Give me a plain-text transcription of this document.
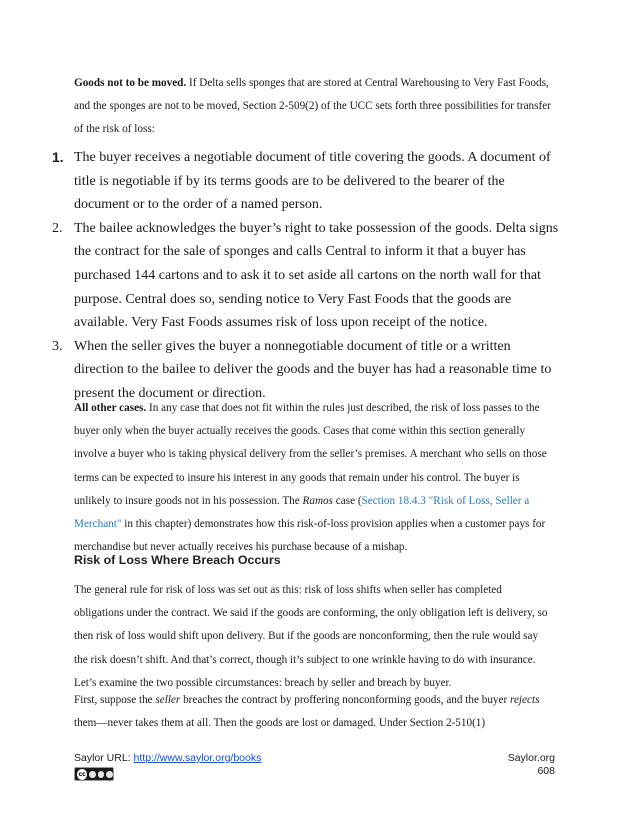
Goods not to be moved. If Delta sells sponges that are stored at Central Warehousing to Very Fast Foods, and the sponges are not to be moved, Section 2-509(2) of the UCC sets forth three possibilities for transfer of the risk of loss:

1. The buyer receives a negotiable document of title covering the goods. A document of title is negotiable if by its terms goods are to be delivered to the bearer of the document or to the order of a named person.
2. The bailee acknowledges the buyer’s right to take possession of the goods. Delta signs the contract for the sale of sponges and calls Central to inform it that a buyer has purchased 144 cartons and to ask it to set aside all cartons on the north wall for that purpose. Central does so, sending notice to Very Fast Foods that the goods are available. Very Fast Foods assumes risk of loss upon receipt of the notice.
3. When the seller gives the buyer a nonnegotiable document of title or a written direction to the bailee to deliver the goods and the buyer has had a reasonable time to present the document or direction.

All other cases. In any case that does not fit within the rules just described, the risk of loss passes to the buyer only when the buyer actually receives the goods. Cases that come within this section generally involve a buyer who is taking physical delivery from the seller’s premises. A merchant who sells on those terms can be expected to insure his interest in any goods that remain under his control. The buyer is unlikely to insure goods not in his possession. The Ramos case (Section 18.4.3 "Risk of Loss, Seller a Merchant" in this chapter) demonstrates how this risk-of-loss provision applies when a customer pays for merchandise but never actually receives his purchase because of a mishap.

Risk of Loss Where Breach Occurs

The general rule for risk of loss was set out as this: risk of loss shifts when seller has completed obligations under the contract. We said if the goods are conforming, the only obligation left is delivery, so then risk of loss would shift upon delivery. But if the goods are nonconforming, then the rule would say the risk doesn’t shift. And that’s correct, though it’s subject to one wrinkle having to do with insurance. Let’s examine the two possible circumstances: breach by seller and breach by buyer.

First, suppose the seller breaches the contract by proffering nonconforming goods, and the buyer rejects them—never takes them at all. Then the goods are lost or damaged. Under Section 2-510(1)

Saylor URL: http://www.saylor.org/books
cc
Saylor.org
608
